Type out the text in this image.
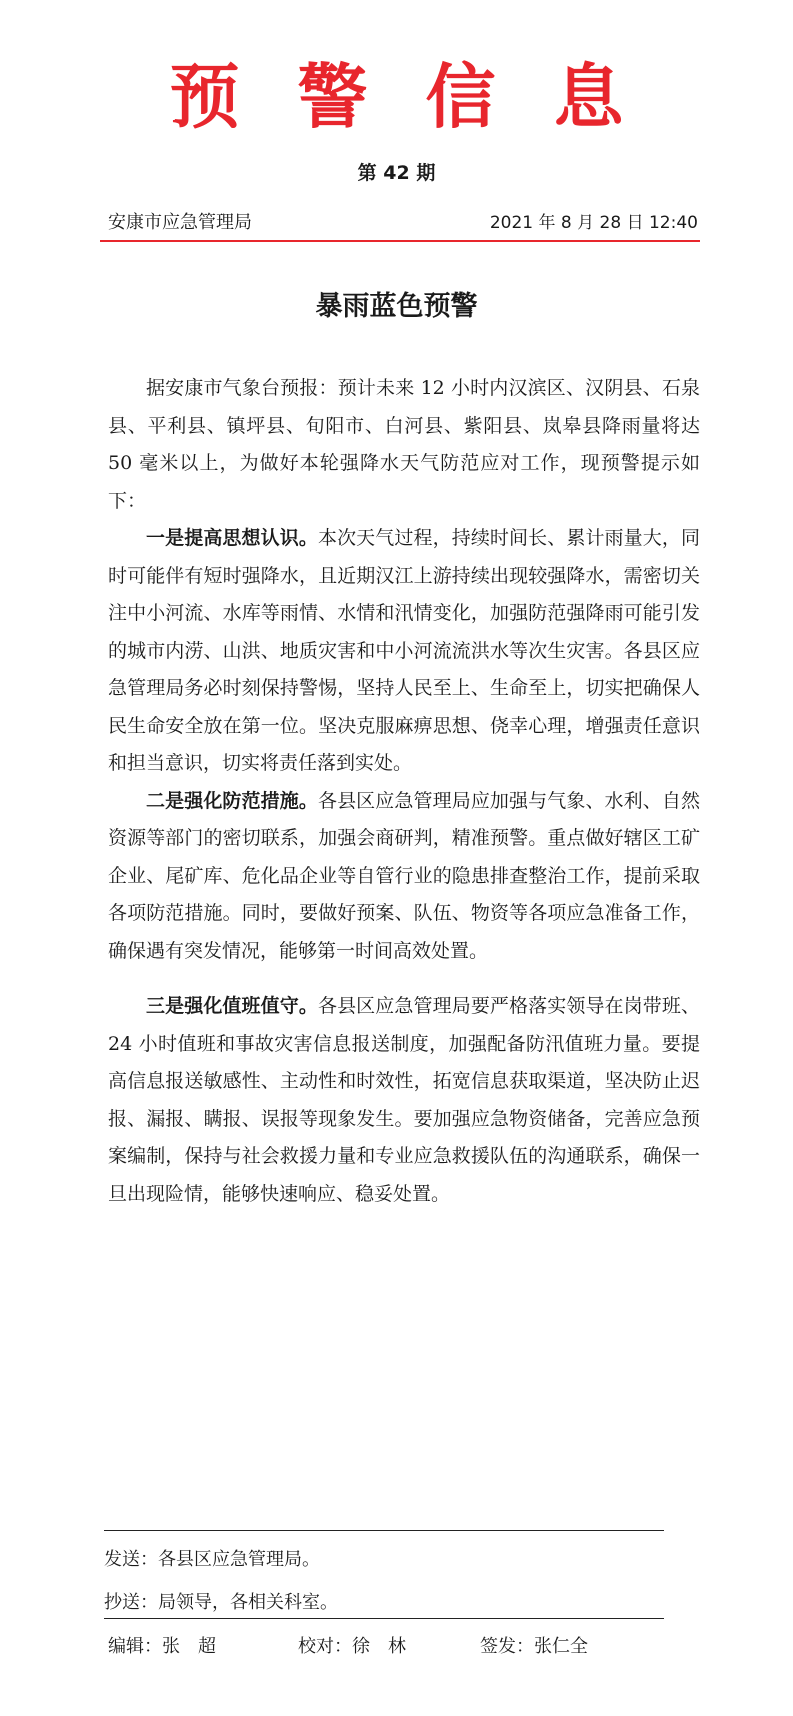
预警信息
第 42 期
安康市应急管理局	2021 年 8 月 28 日 12:40
暴雨蓝色预警

据安康市气象台预报：预计未来 12 小时内汉滨区、汉阴县、石泉县、平利县、镇坪县、旬阳市、白河县、紫阳县、岚皋县降雨量将达 50 毫米以上，为做好本轮强降水天气防范应对工作，现预警提示如下：

一是提高思想认识。本次天气过程，持续时间长、累计雨量大，同时可能伴有短时强降水，且近期汉江上游持续出现较强降水，需密切关注中小河流、水库等雨情、水情和汛情变化，加强防范强降雨可能引发的城市内涝、山洪、地质灾害和中小河流流洪水等次生灾害。各县区应急管理局务必时刻保持警惕，坚持人民至上、生命至上，切实把确保人民生命安全放在第一位。坚决克服麻痹思想、侥幸心理，增强责任意识和担当意识，切实将责任落到实处。

二是强化防范措施。各县区应急管理局应加强与气象、水利、自然资源等部门的密切联系，加强会商研判，精准预警。重点做好辖区工矿企业、尾矿库、危化品企业等自管行业的隐患排查整治工作，提前采取各项防范措施。同时，要做好预案、队伍、物资等各项应急准备工作，确保遇有突发情况，能够第一时间高效处置。

三是强化值班值守。各县区应急管理局要严格落实领导在岗带班、24 小时值班和事故灾害信息报送制度，加强配备防汛值班力量。要提高信息报送敏感性、主动性和时效性，拓宽信息获取渠道，坚决防止迟报、漏报、瞒报、误报等现象发生。要加强应急物资储备，完善应急预案编制，保持与社会救援力量和专业应急救援队伍的沟通联系，确保一旦出现险情，能够快速响应、稳妥处置。

发送：各县区应急管理局。
抄送：局领导，各相关科室。
编辑：张　超	校对：徐　林	签发：张仁全
